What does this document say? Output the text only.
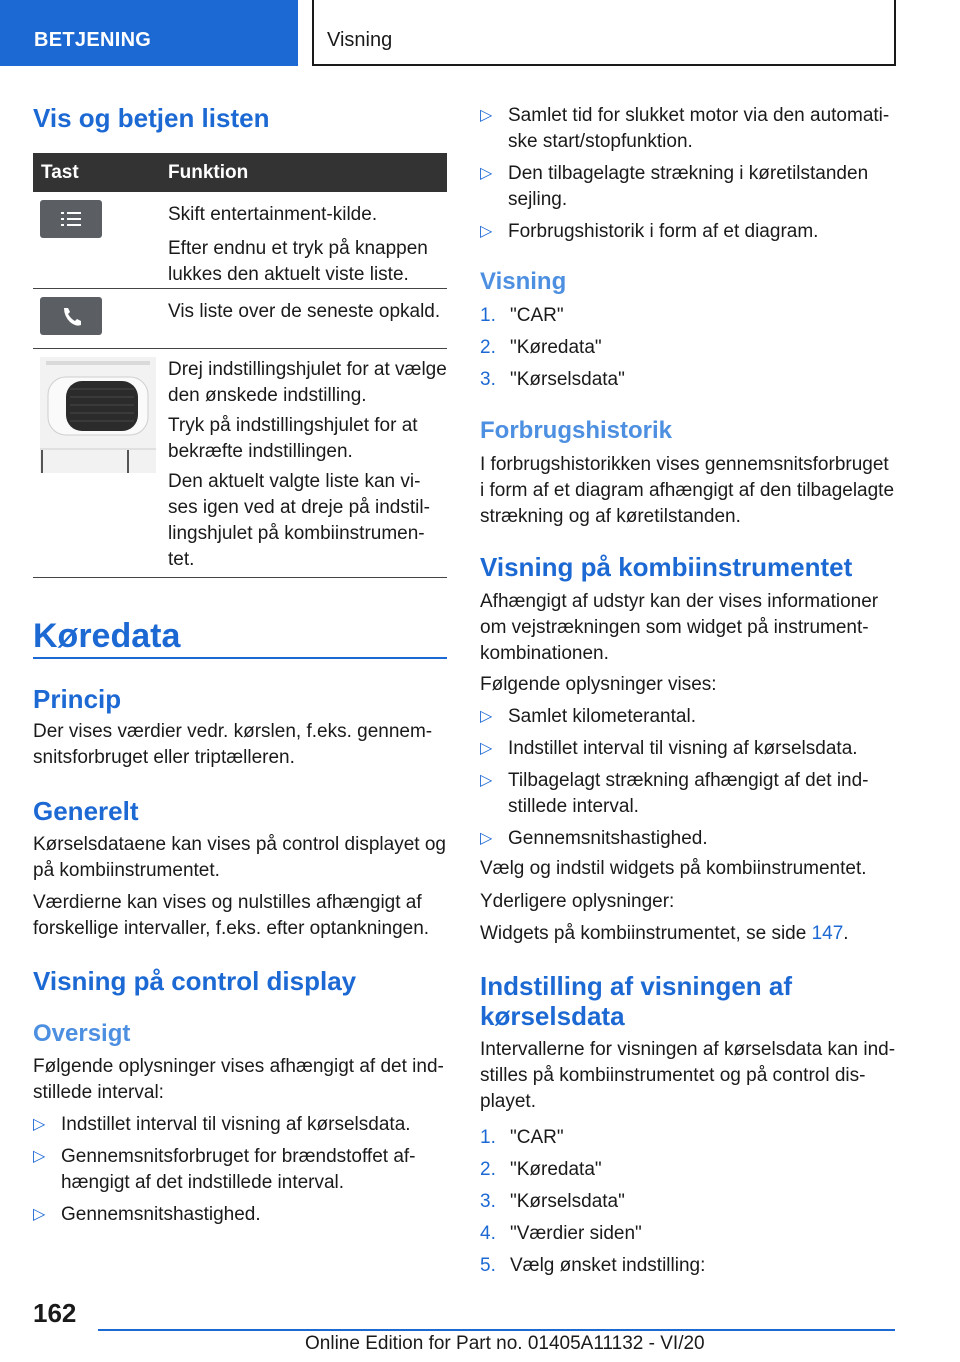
BETJENING	Visning
Vis og betjen listen
Tast	Funktion

Skift entertainment-kilde.

Efter endnu et tryk på knappen lukkes den aktuelt viste liste.

Vis liste over de seneste opkald.

Drej indstillingshjulet for at vælge den ønskede indstilling.

Tryk på indstillingshjulet for at bekræfte indstillingen.

Den aktuelt valgte liste kan vi-ses igen ved at dreje på indstil-lingshjulet på kombiinstrumen-tet.

Køredata
Princip

Der vises værdier vedr. kørslen, f.eks. gennem-snitsforbruget eller triptælleren.

Generelt

Kørselsdataene kan vises på control displayet og på kombiinstrumentet.

Værdierne kan vises og nulstilles afhængigt af forskellige intervaller, f.eks. efter optankningen.

Visning på control display
Oversigt

Følgende oplysninger vises afhængigt af det ind-stillede interval:

▷ Indstillet interval til visning af kørselsdata.
▷ Gennemsnitsforbruget for brændstoffet af-hængigt af det indstillede interval.
▷ Gennemsnitshastighed.
▷ Samlet tid for slukket motor via den automati-ske start/stopfunktion.
▷ Den tilbagelagte strækning i køretilstanden sejling.
▷ Forbrugshistorik i form af et diagram.
Visning
1. "CAR"
2. "Køredata"
3. "Kørselsdata"
Forbrugshistorik

I forbrugshistorikken vises gennemsnitsforbruget i form af et diagram afhængigt af den tilbagelagte strækning og af køretilstanden.

Visning på kombiinstrumentet

Afhængigt af udstyr kan der vises informationer om vejstrækningen som widget på instrument-kombinationen.

Følgende oplysninger vises:

▷ Samlet kilometerantal.
▷ Indstillet interval til visning af kørselsdata.
▷ Tilbagelagt strækning afhængigt af det ind-stillede interval.
▷ Gennemsnitshastighed.

Vælg og indstil widgets på kombiinstrumentet.

Yderligere oplysninger:

Widgets på kombiinstrumentet, se side 147.

Indstilling af visningen af kørselsdata

Intervallerne for visningen af kørselsdata kan ind-stilles på kombiinstrumentet og på control dis-playet.

1. "CAR"
2. "Køredata"
3. "Kørselsdata"
4. "Værdier siden"
5. Vælg ønsket indstilling:
162
Online Edition for Part no. 01405A11132 - VI/20
